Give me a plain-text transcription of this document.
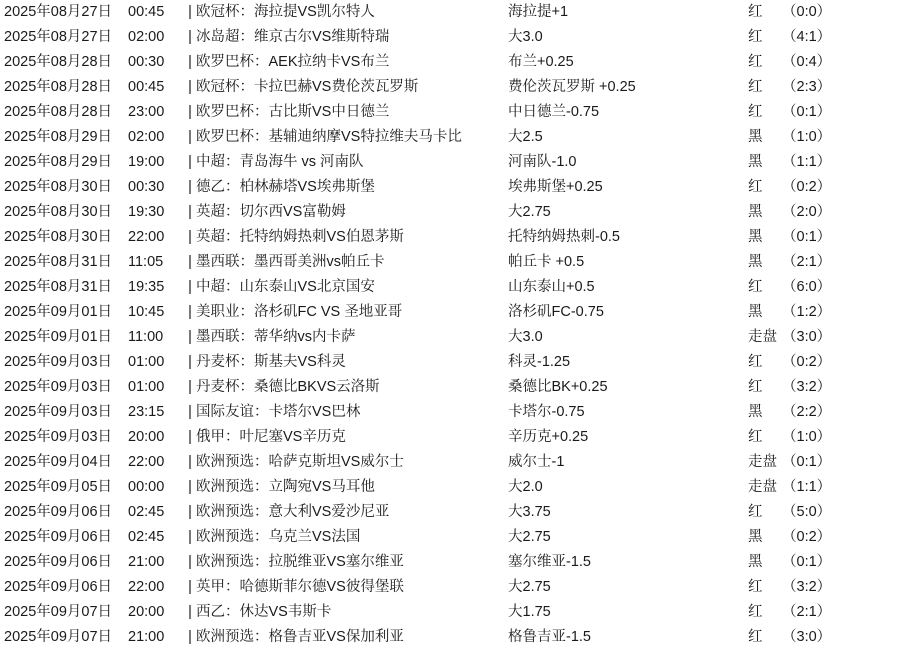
2025年08月27日	00:45	| 欧冠杯：海拉提VS凯尔特人	海拉提+1	红 （0:0）
2025年08月27日	02:00	| 冰岛超：维京古尔VS维斯特瑞	大3.0	红 （4:1）
2025年08月28日	00:30	| 欧罗巴杯：AEK拉纳卡VS布兰	布兰+0.25	红 （0:4）
2025年08月28日	00:45	| 欧冠杯：卡拉巴赫VS费伦茨瓦罗斯	费伦茨瓦罗斯 +0.25	红 （2:3）
2025年08月28日	23:00	| 欧罗巴杯：古比斯VS中日德兰	中日德兰-0.75	红 （0:1）
2025年08月29日	02:00	| 欧罗巴杯：基辅迪纳摩VS特拉维夫马卡比	大2.5	黑 （1:0）
2025年08月29日	19:00	| 中超：青岛海牛 vs 河南队	河南队-1.0	黑 （1:1）
2025年08月30日	00:30	| 德乙：柏林赫塔VS埃弗斯堡	埃弗斯堡+0.25	红 （0:2）
2025年08月30日	19:30	| 英超：切尔西VS富勒姆	大2.75	黑 （2:0）
2025年08月30日	22:00	| 英超：托特纳姆热刺VS伯恩茅斯	托特纳姆热刺-0.5	黑 （0:1）
2025年08月31日	11:05	| 墨西联：墨西哥美洲vs帕丘卡	帕丘卡 +0.5	黑 （2:1）
2025年08月31日	19:35	| 中超：山东泰山VS北京国安	山东泰山+0.5	红 （6:0）
2025年09月01日	10:45	| 美职业：洛杉矶FC VS 圣地亚哥	洛杉矶FC-0.75	黑 （1:2）
2025年09月01日	11:00	| 墨西联：蒂华纳vs内卡萨	大3.0	走盘 （3:0）
2025年09月03日	01:00	| 丹麦杯：斯基夫VS科灵	科灵-1.25	红 （0:2）
2025年09月03日	01:00	| 丹麦杯：桑德比BKVS云洛斯	桑德比BK+0.25	红 （3:2）
2025年09月03日	23:15	| 国际友谊：卡塔尔VS巴林	卡塔尔-0.75	黑 （2:2）
2025年09月03日	20:00	| 俄甲：叶尼塞VS辛历克	辛历克+0.25	红 （1:0）
2025年09月04日	22:00	| 欧洲预选：哈萨克斯坦VS威尔士	威尔士-1	走盘 （0:1）
2025年09月05日	00:00	| 欧洲预选：立陶宛VS马耳他	大2.0	走盘 （1:1）
2025年09月06日	02:45	| 欧洲预选：意大利VS爱沙尼亚	大3.75	红 （5:0）
2025年09月06日	02:45	| 欧洲预选：乌克兰VS法国	大2.75	黑 （0:2）
2025年09月06日	21:00	| 欧洲预选：拉脱维亚VS塞尔维亚	塞尔维亚-1.5	黑 （0:1）
2025年09月06日	22:00	| 英甲：哈德斯菲尔德VS彼得堡联	大2.75	红 （3:2）
2025年09月07日	20:00	| 西乙：休达VS韦斯卡	大1.75	红 （2:1）
2025年09月07日	21:00	| 欧洲预选：格鲁吉亚VS保加利亚	格鲁吉亚-1.5	红 （3:0）
